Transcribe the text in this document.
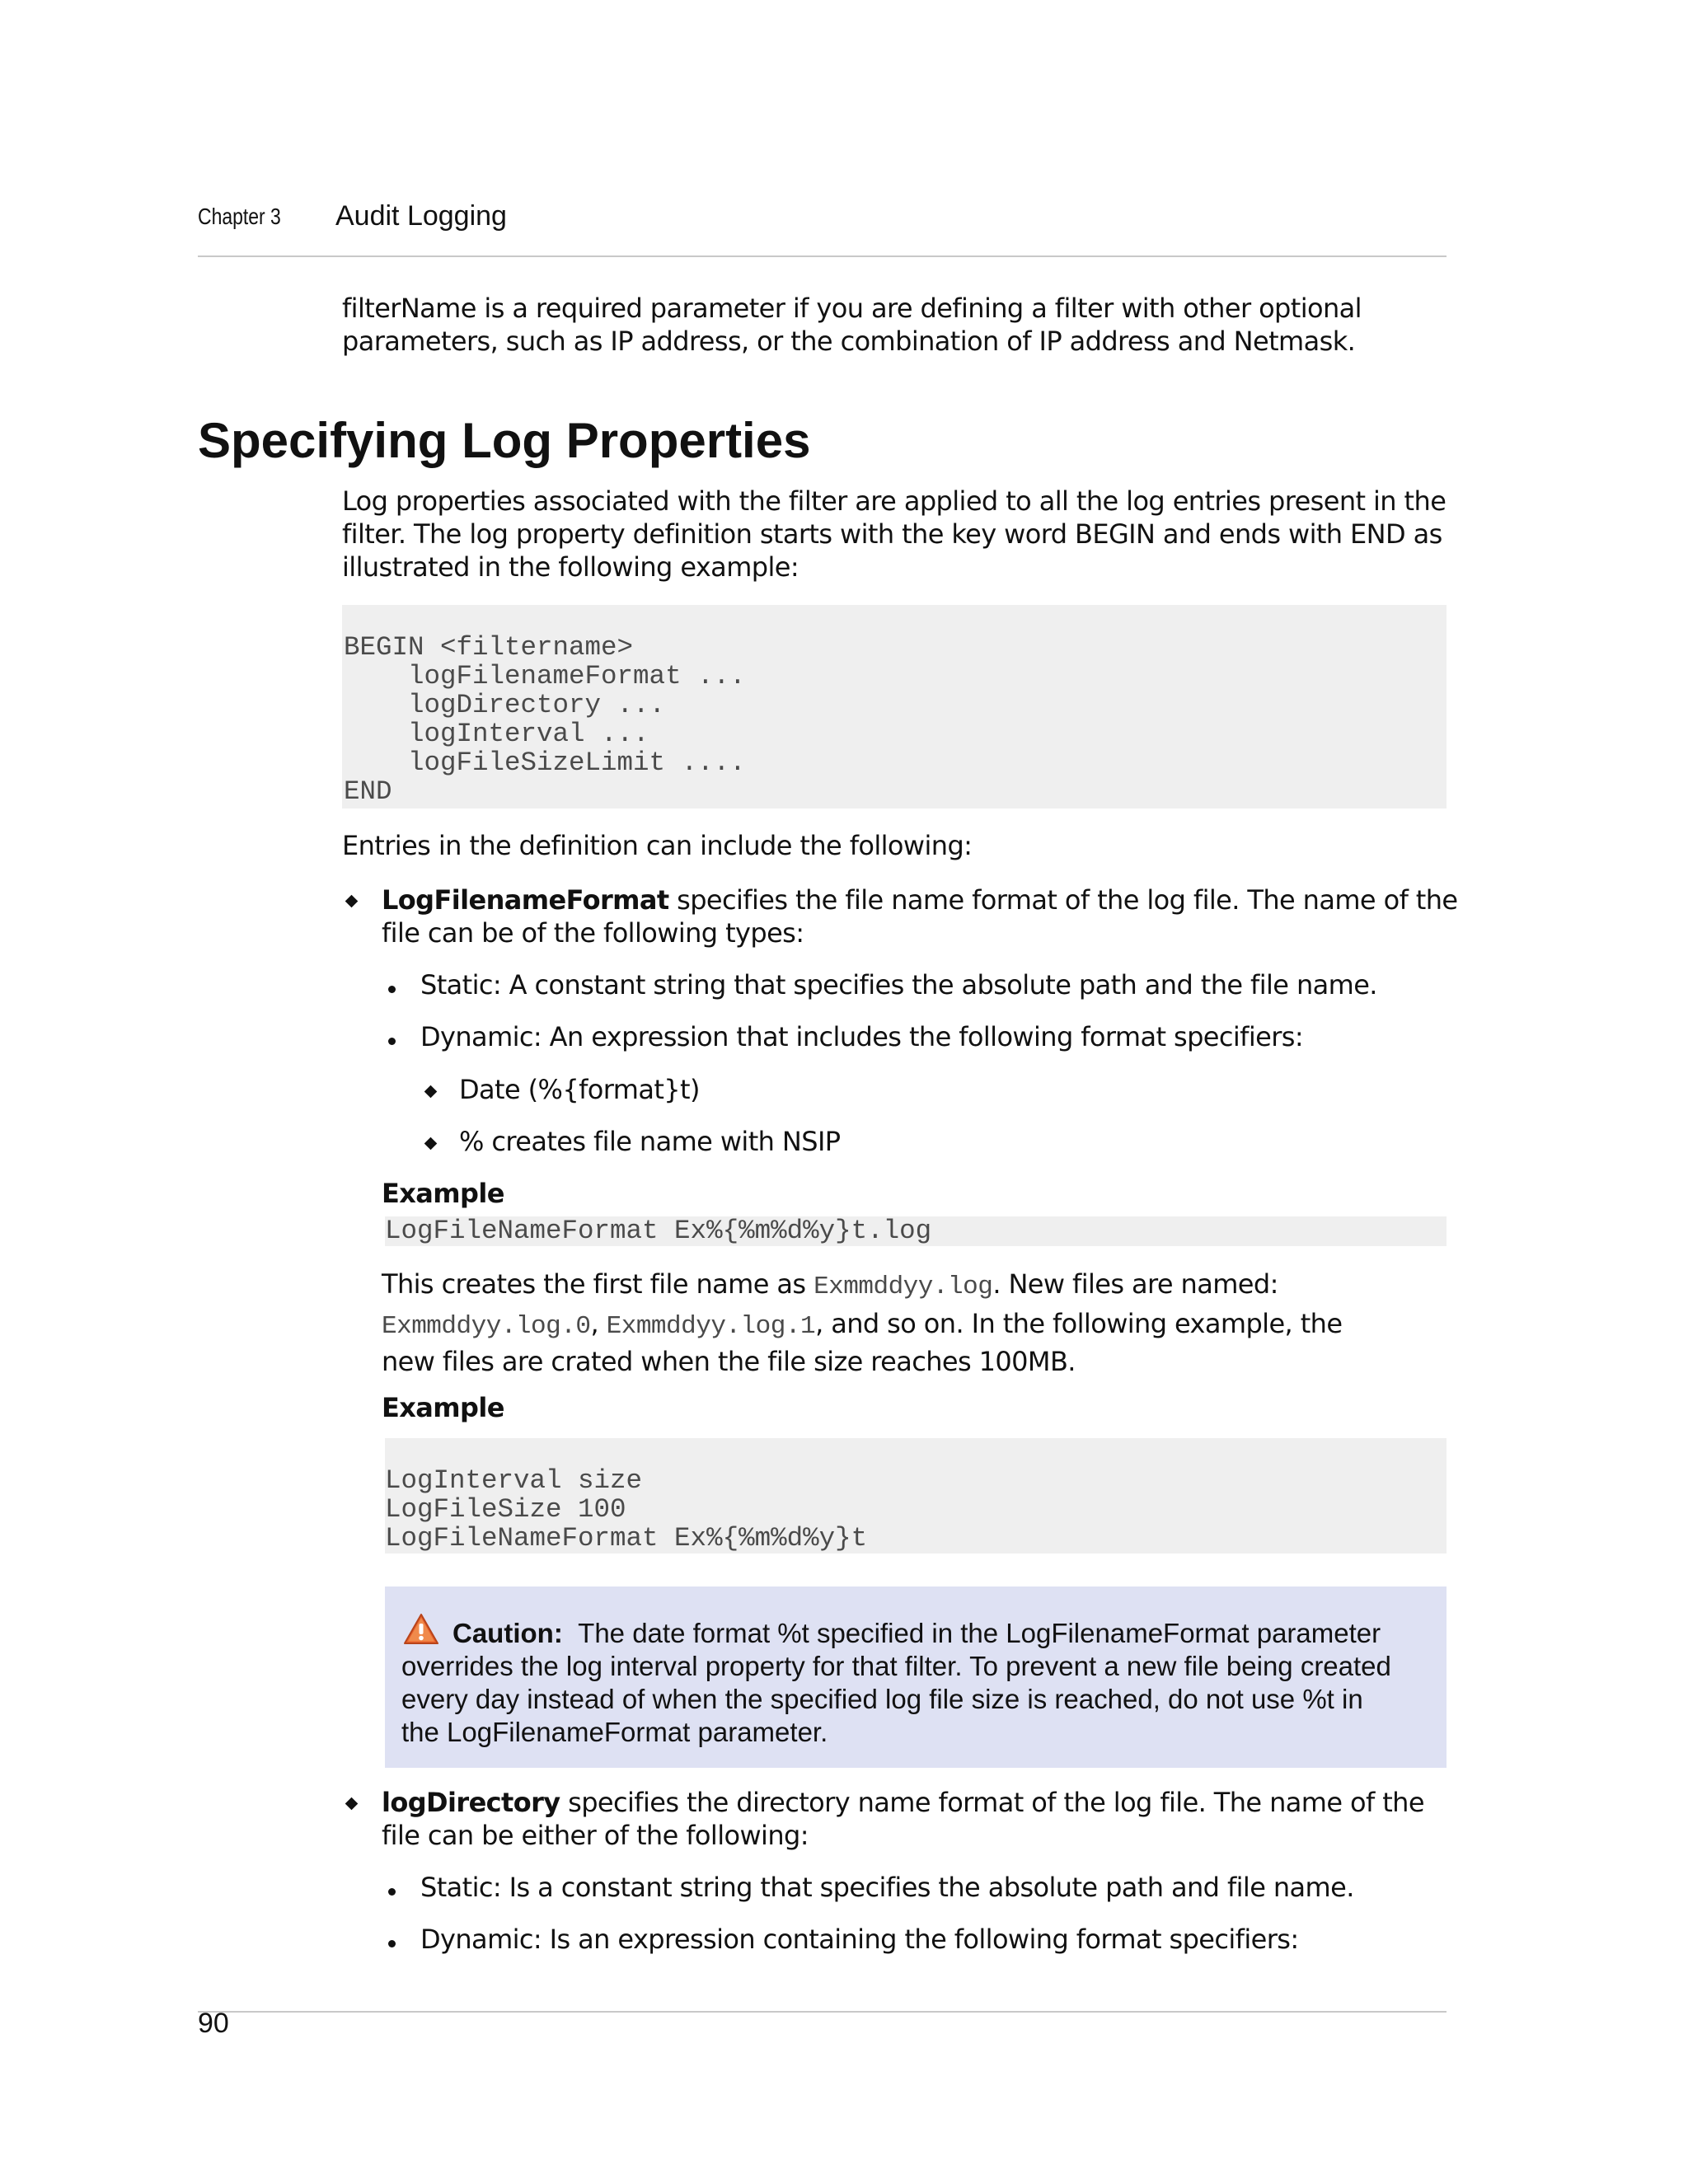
Chapter 3 Audit Logging

filterName is a required parameter if you are defining a filter with other optional

parameters, such as IP address, or the combination of IP address and Netmask.

Specifying Log Properties

Log properties associated with the filter are applied to all the log entries present in the

filter. The log property definition starts with the key word BEGIN and ends with END as

illustrated in the following example:

BEGIN <filtername>
logFilenameFormat ...
logDirectory ...
logInterval ...
logFileSizeLimit ....
END

Entries in the definition can include the following:

LogFilenameFormat specifies the file name format of the log file. The name of the

file can be of the following types:

Static: A constant string that specifies the absolute path and the file name.

Dynamic: An expression that includes the following format specifiers:

Date (%{format}t)

% creates file name with NSIP

Example
LogFileNameFormat Ex%{%m%d%y}t.log

This creates the first file name as Exmmddyy.log. New files are named:

Exmmddyy.log.0, Exmmddyy.log.1, and so on. In the following example, the

new files are crated when the file size reaches 100MB.

Example
LogInterval size
LogFileSize 100
LogFileNameFormat Ex%{%m%d%y}t

Caution: The date format %t specified in the LogFilenameFormat parameter
overrides the log interval property for that filter. To prevent a new file being created
every day instead of when the specified log file size is reached, do not use %t in
the LogFilenameFormat parameter.

logDirectory specifies the directory name format of the log file. The name of the

file can be either of the following:

Static: Is a constant string that specifies the absolute path and file name.

Dynamic: Is an expression containing the following format specifiers:

90
